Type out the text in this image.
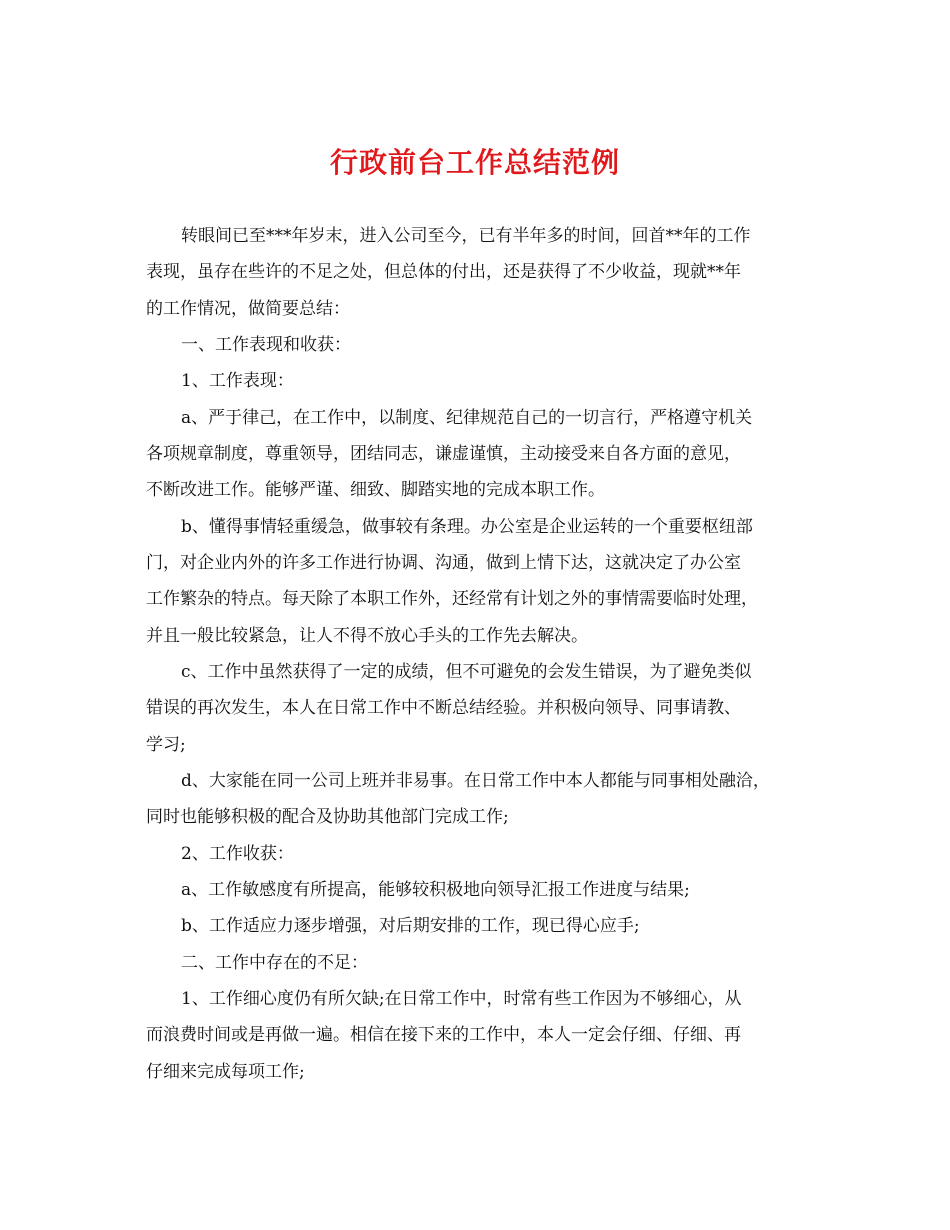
行政前台工作总结范例
转眼间已至***年岁末，进入公司至今，已有半年多的时间，回首**年的工作
表现，虽存在些许的不足之处，但总体的付出，还是获得了不少收益，现就**年
的工作情况，做简要总结：
一、工作表现和收获：
1、工作表现：
a、严于律己，在工作中，以制度、纪律规范自己的一切言行，严格遵守机关
各项规章制度，尊重领导，团结同志，谦虚谨慎，主动接受来自各方面的意见，
不断改进工作。能够严谨、细致、脚踏实地的完成本职工作。
b、懂得事情轻重缓急，做事较有条理。办公室是企业运转的一个重要枢纽部
门，对企业内外的许多工作进行协调、沟通，做到上情下达，这就决定了办公室
工作繁杂的特点。每天除了本职工作外，还经常有计划之外的事情需要临时处理，
并且一般比较紧急，让人不得不放心手头的工作先去解决。
c、工作中虽然获得了一定的成绩，但不可避免的会发生错误，为了避免类似
错误的再次发生，本人在日常工作中不断总结经验。并积极向领导、同事请教、
学习;
d、大家能在同一公司上班并非易事。在日常工作中本人都能与同事相处融洽，
同时也能够积极的配合及协助其他部门完成工作;
2、工作收获：
a、工作敏感度有所提高，能够较积极地向领导汇报工作进度与结果;
b、工作适应力逐步增强，对后期安排的工作，现已得心应手;
二、工作中存在的不足：
1、工作细心度仍有所欠缺;在日常工作中，时常有些工作因为不够细心，从
而浪费时间或是再做一遍。相信在接下来的工作中，本人一定会仔细、仔细、再
仔细来完成每项工作;
